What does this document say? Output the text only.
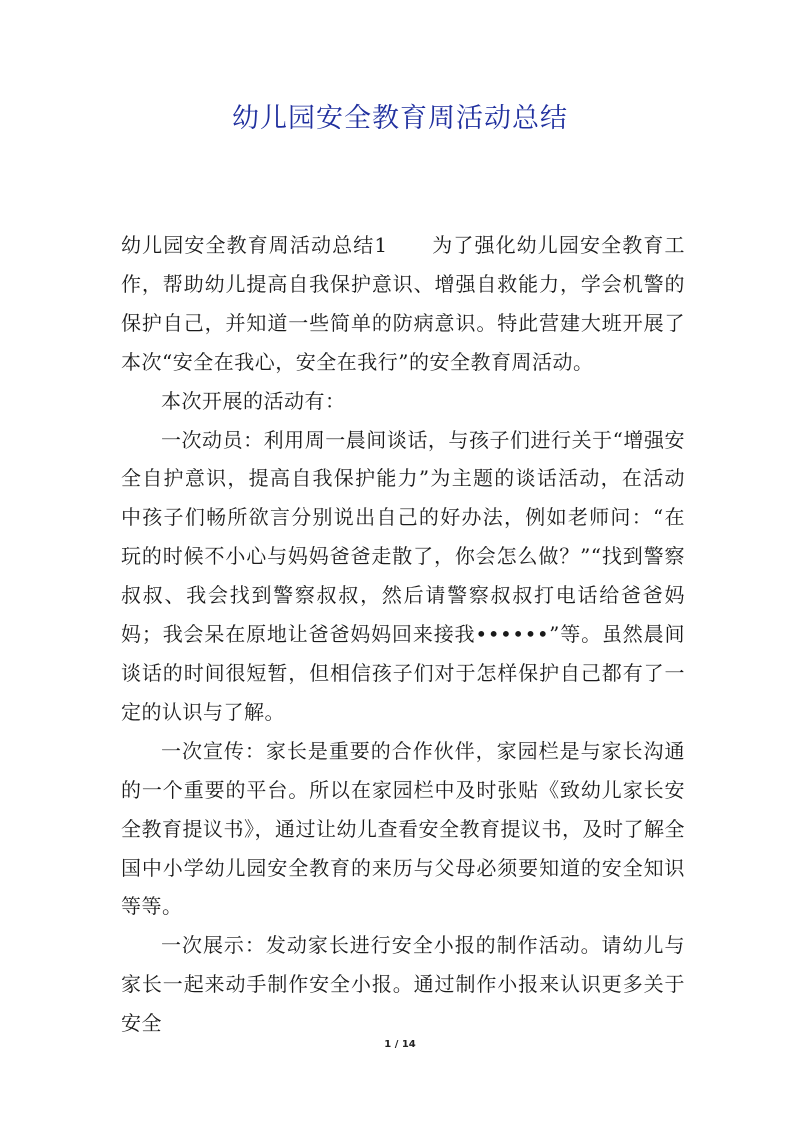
幼儿园安全教育周活动总结

幼儿园安全教育周活动总结1 为了强化幼儿园安全教育工作，帮助幼儿提高自我保护意识、增强自救能力，学会机警的保护自己，并知道一些简单的防病意识。特此营建大班开展了本次“安全在我心，安全在我行”的安全教育周活动。

本次开展的活动有：

一次动员：利用周一晨间谈话，与孩子们进行关于“增强安全自护意识，提高自我保护能力”为主题的谈话活动，在活动中孩子们畅所欲言分别说出自己的好办法，例如老师问：“在玩的时候不小心与妈妈爸爸走散了，你会怎么做？”“找到警察叔叔、我会找到警察叔叔，然后请警察叔叔打电话给爸爸妈妈；我会呆在原地让爸爸妈妈回来接我••••••”等。虽然晨间谈话的时间很短暂，但相信孩子们对于怎样保护自己都有了一定的认识与了解。

一次宣传：家长是重要的合作伙伴，家园栏是与家长沟通的一个重要的平台。所以在家园栏中及时张贴《致幼儿家长安全教育提议书》，通过让幼儿查看安全教育提议书，及时了解全国中小学幼儿园安全教育的来历与父母必须要知道的安全知识等等。

一次展示：发动家长进行安全小报的制作活动。请幼儿与家长一起来动手制作安全小报。通过制作小报来认识更多关于安全

1 / 14
